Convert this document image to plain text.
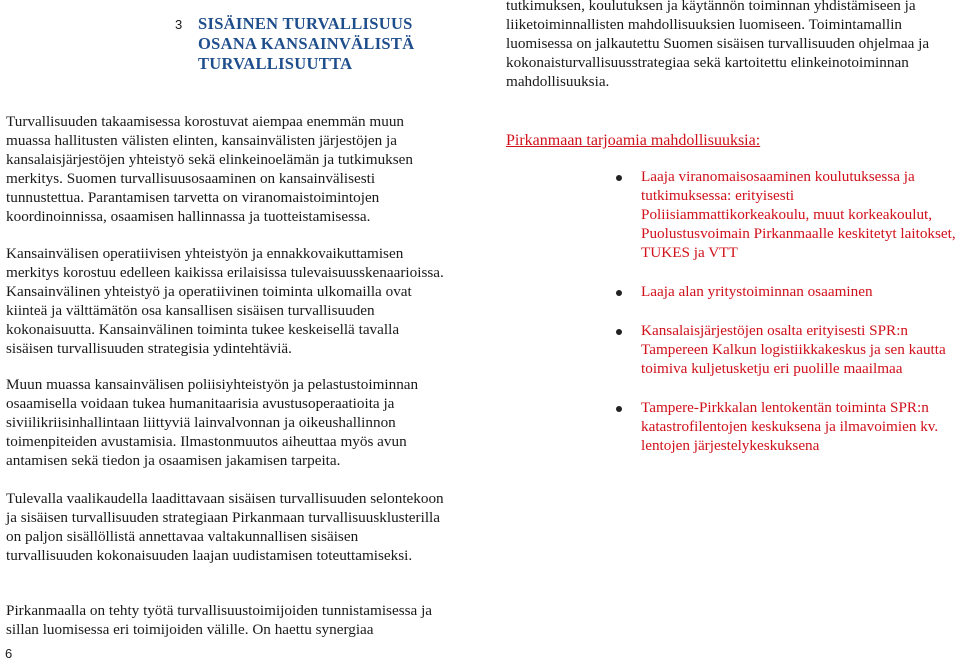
3 SISÄINEN TURVALLISUUS OSANA KANSAINVÄLISTÄ TURVALLISUUTTA

Turvallisuuden takaamisessa korostuvat aiempaa enemmän muun muassa hallitusten välisten elinten, kansainvälisten järjestöjen ja kansalaisjärjestöjen yhteistyö sekä elinkeinoelämän ja tutkimuksen merkitys. Suomen turvallisuusosaaminen on kansainvälisesti tunnustettua. Parantamisen tarvetta on viranomaistoimintojen koordinoinnissa, osaamisen hallinnassa ja tuotteistamisessa.

Kansainvälisen operatiivisen yhteistyön ja ennakkovaikuttamisen merkitys korostuu edelleen kaikissa erilaisissa tulevaisuusskenaarioissa. Kansainvälinen yhteistyö ja operatiivinen toiminta ulkomailla ovat kiinteä ja välttämätön osa kansallisen sisäisen turvallisuuden kokonaisuutta. Kansainvälinen toiminta tukee keskeisellä tavalla sisäisen turvallisuuden strategisia ydintehtäviä.

Muun muassa kansainvälisen poliisiyhteistyön ja pelastustoiminnan osaamisella voidaan tukea humanitaarisia avustusoperaatioita ja siviilikriisinhallintaan liittyviä lainvalvonnan ja oikeushallinnon toimenpiteiden avustamisia. Ilmastonmuutos aiheuttaa myös avun antamisen sekä tiedon ja osaamisen jakamisen tarpeita.

Tulevalla vaalikaudella laadittavaan sisäisen turvallisuuden selontekoon ja sisäisen turvallisuuden strategiaan Pirkanmaan turvallisuusklusterilla on paljon sisällöllistä annettavaa valtakunnallisen sisäisen turvallisuuden kokonaisuuden laajan uudistamisen toteuttamiseksi.

Pirkanmaalla on tehty työtä turvallisuustoimijoiden tunnistamisessa ja sillan luomisessa eri toimijoiden välille. On haettu synergiaa

tutkimuksen, koulutuksen ja käytännön toiminnan yhdistämiseen ja liiketoiminnallisten mahdollisuuksien luomiseen. Toimintamallin luomisessa on jalkautettu Suomen sisäisen turvallisuuden ohjelmaa ja kokonaisturvallisuusstrategiaa sekä kartoitettu elinkeinotoiminnan mahdollisuuksia.

Pirkanmaan tarjoamia mahdollisuuksia:
Laaja viranomaisosaaminen koulutuksessa ja tutkimuksessa: erityisesti Poliisiammattikorkeakoulu, muut korkeakoulut, Puolustusvoimain Pirkanmaalle keskitetyt laitokset, TUKES ja VTT
Laaja alan yritystoiminnan osaaminen
Kansalaisjärjestöjen osalta erityisesti SPR:n Tampereen Kalkun logistiikkakeskus ja sen kautta toimiva kuljetusketju eri puolille maailmaa
Tampere-Pirkkalan lentokentän toiminta SPR:n katastrofilentojen keskuksena ja ilmavoimien kv. lentojen järjestelykeskuksena
6
